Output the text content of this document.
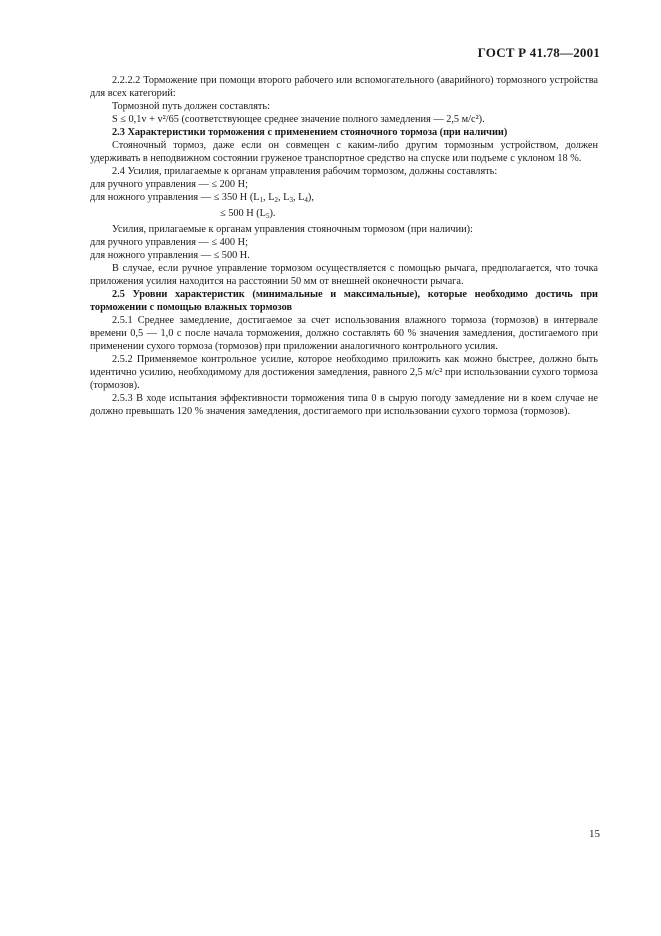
ГОСТ Р 41.78—2001

2.2.2.2 Торможение при помощи второго рабочего или вспомогательного (аварийного) тормозного устройства для всех категорий:

Тормозной путь должен составлять:

S ≤ 0,1v + v²/65 (соответствующее среднее значение полного замедления — 2,5 м/с²).

2.3 Характеристики торможения с применением стояночного тормоза (при наличии)

Стояночный тормоз, даже если он совмещен с каким-либо другим тормозным устройством, должен удерживать в неподвижном состоянии груженое транспортное средство на спуске или подъеме с уклоном 18 %.

2.4 Усилия, прилагаемые к органам управления рабочим тормозом, должны составлять:

для ручного управления — ≤ 200 Н;

для ножного управления — ≤ 350 Н ($L_1$, $L_2$, $L_3$, $L_4$),

≤ 500 Н $(L_5)$.

Усилия, прилагаемые к органам управления стояночным тормозом (при наличии):

для ручного управления — ≤ 400 Н;

для ножного управления — ≤ 500 Н.

В случае, если ручное управление тормозом осуществляется с помощью рычага, предполагается, что точка приложения усилия находится на расстоянии 50 мм от внешней оконечности рычага.

2.5 Уровни характеристик (минимальные и максимальные), которые необходимо достичь при торможении с помощью влажных тормозов

2.5.1 Среднее замедление, достигаемое за счет использования влажного тормоза (тормозов) в интервале времени 0,5 — 1,0 с после начала торможения, должно составлять 60 % значения замедления, достигаемого при применении сухого тормоза (тормозов) при приложении аналогичного контрольного усилия.

2.5.2 Применяемое контрольное усилие, которое необходимо приложить как можно быстрее, должно быть идентично усилию, необходимому для достижения замедления, равного 2,5 м/с² при использовании сухого тормоза (тормозов).

2.5.3 В ходе испытания эффективности торможения типа 0 в сырую погоду замедление ни в коем случае не должно превышать 120 % значения замедления, достигаемого при использовании сухого тормоза (тормозов).

15
